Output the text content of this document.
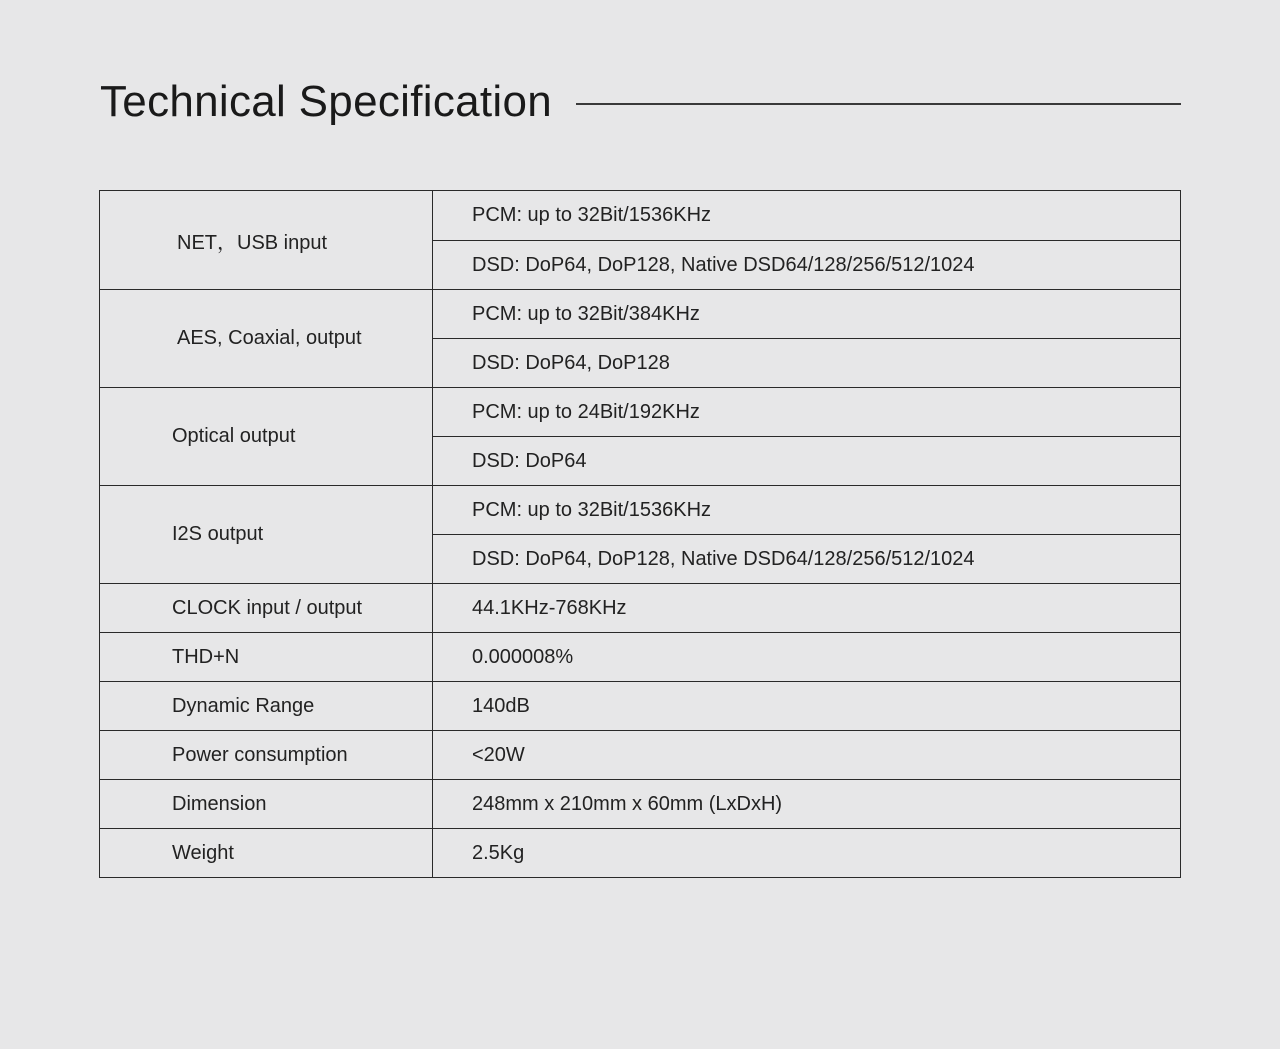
Technical Specification
NET，USB input	PCM: up to 32Bit/1536KHz
	DSD: DoP64, DoP128, Native DSD64/128/256/512/1024
AES, Coaxial, output	PCM: up to 32Bit/384KHz
	DSD: DoP64, DoP128
Optical output	PCM: up to 24Bit/192KHz
	DSD: DoP64
I2S output	PCM: up to 32Bit/1536KHz
	DSD: DoP64, DoP128, Native DSD64/128/256/512/1024
CLOCK input / output	44.1KHz-768KHz
THD+N	0.000008%
Dynamic Range	140dB
Power consumption	<20W
Dimension	248mm x 210mm x 60mm (LxDxH)
Weight	2.5Kg
